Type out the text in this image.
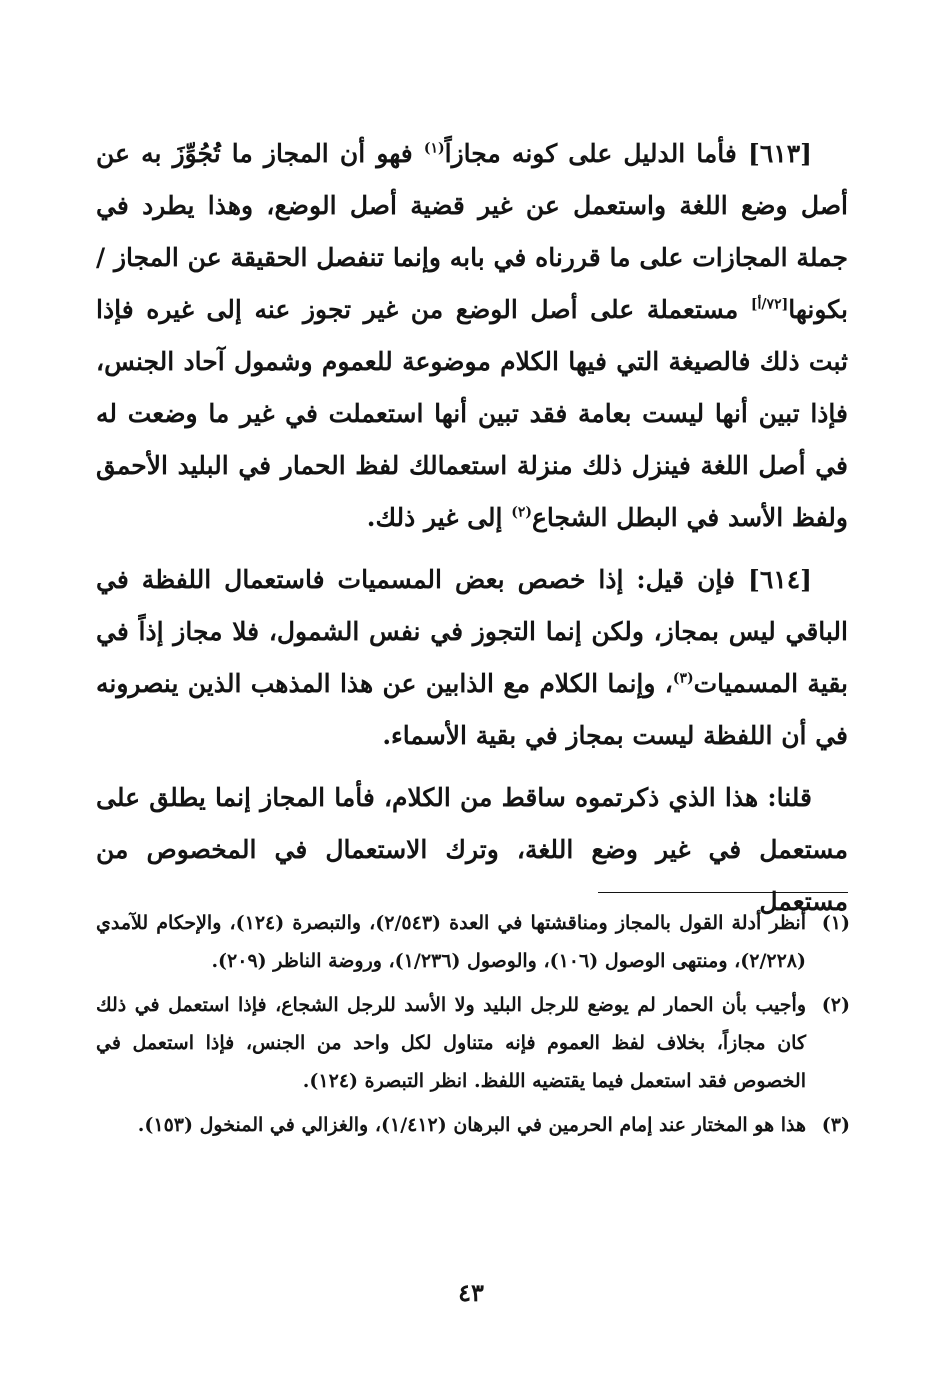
[٦١٣] فأما الدليل على كونه مجازاً$^{(١)}$ فهو أن المجاز ما تُجُوِّزَ به عن أصل وضع اللغة واستعمل عن غير قضية أصل الوضع، وهذا يطرد في جملة المجازات على ما قررناه في بابه وإنما تنفصل الحقيقة عن المجاز / بكونها[٧٢/أ] مستعملة على أصل الوضع من غير تجوز عنه إلى غيره فإذا ثبت ذلك فالصيغة التي فيها الكلام موضوعة للعموم وشمول آحاد الجنس، فإذا تبين أنها ليست بعامة فقد تبين أنها استعملت في غير ما وضعت له في أصل اللغة فينزل ذلك منزلة استعمالك لفظ الحمار في البليد الأحمق ولفظ الأسد في البطل الشجاع$^{(٢)}$ إلى غير ذلك.

[٦١٤] فإن قيل: إذا خصص بعض المسميات فاستعمال اللفظة في الباقي ليس بمجاز، ولكن إنما التجوز في نفس الشمول، فلا مجاز إذاً في بقية المسميات$^{(٣)}$، وإنما الكلام مع الذابين عن هذا المذهب الذين ينصرونه في أن اللفظة ليست بمجاز في بقية الأسماء.

قلنا: هذا الذي ذكرتموه ساقط من الكلام، فأما المجاز إنما يطلق على مستعمل في غير وضع اللغة، وترك الاستعمال في المخصوص من مستعمل

(١)
أنظر أدلة القول بالمجاز ومناقشتها في العدة (٢/٥٤٣)، والتبصرة (١٢٤)، والإحكام للآمدي (٢/٢٢٨)، ومنتهى الوصول (١٠٦)، والوصول (١/٢٣٦)، وروضة الناظر (٢٠٩).
(٢)
وأجيب بأن الحمار لم يوضع للرجل البليد ولا الأسد للرجل الشجاع، فإذا استعمل في ذلك كان مجازاً، بخلاف لفظ العموم فإنه متناول لكل واحد من الجنس، فإذا استعمل في الخصوص فقد استعمل فيما يقتضيه اللفظ. انظر التبصرة (١٢٤).
(٣)
هذا هو المختار عند إمام الحرمين في البرهان (١/٤١٢)، والغزالي في المنخول (١٥٣).
٤٣
